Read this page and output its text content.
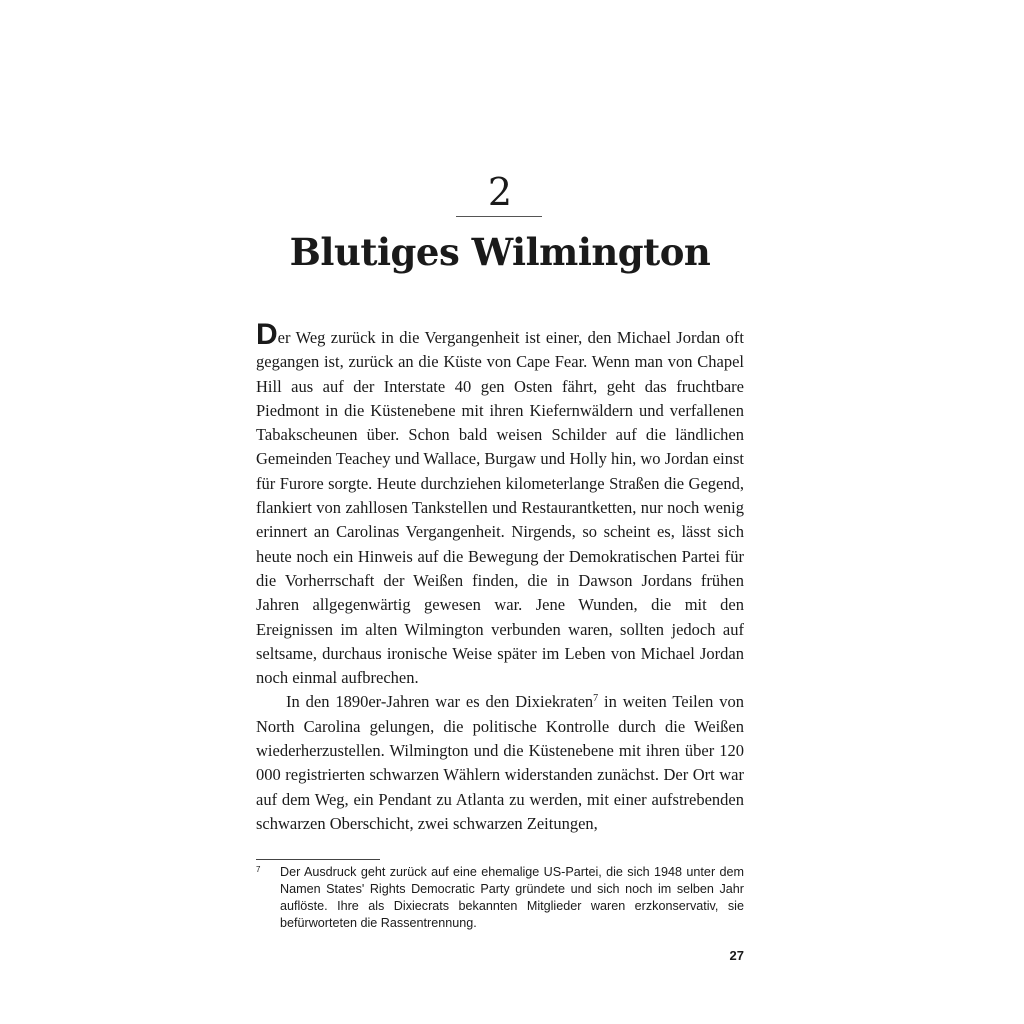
2
Blutiges Wilmington

Der Weg zurück in die Vergangenheit ist einer, den Michael Jordan oft gegangen ist, zurück an die Küste von Cape Fear. Wenn man von Chapel Hill aus auf der Interstate 40 gen Osten fährt, geht das fruchtbare Piedmont in die Küstenebene mit ihren Kiefernwäldern und verfallenen Tabakscheunen über. Schon bald weisen Schilder auf die ländlichen Gemeinden Teachey und Wallace, Burgaw und Holly hin, wo Jordan einst für Furore sorgte. Heute durchziehen kilometerlange Straßen die Gegend, flankiert von zahllosen Tankstellen und Restaurantketten, nur noch wenig erinnert an Carolinas Vergangenheit. Nirgends, so scheint es, lässt sich heute noch ein Hinweis auf die Bewegung der Demokratischen Partei für die Vorherrschaft der Weißen finden, die in Dawson Jordans frühen Jahren allgegenwärtig gewesen war. Jene Wunden, die mit den Ereignissen im alten Wilmington verbunden waren, sollten jedoch auf seltsame, durchaus ironische Weise später im Leben von Michael Jordan noch einmal aufbrechen.

In den 1890er-Jahren war es den Dixiekraten$^7$ in weiten Teilen von North Carolina gelungen, die politische Kontrolle durch die Weißen wiederherzustellen. Wilmington und die Küstenebene mit ihren über 120 000 registrierten schwarzen Wählern widerstanden zunächst. Der Ort war auf dem Weg, ein Pendant zu Atlanta zu werden, mit einer aufstrebenden schwarzen Oberschicht, zwei schwarzen Zeitungen,

7 Der Ausdruck geht zurück auf eine ehemalige US-Partei, die sich 1948 unter dem Namen States' Rights Democratic Party gründete und sich noch im selben Jahr auflöste. Ihre als Dixiecrats bekannten Mitglieder waren erzkonservativ, sie befürworteten die Rassentrennung.
27
